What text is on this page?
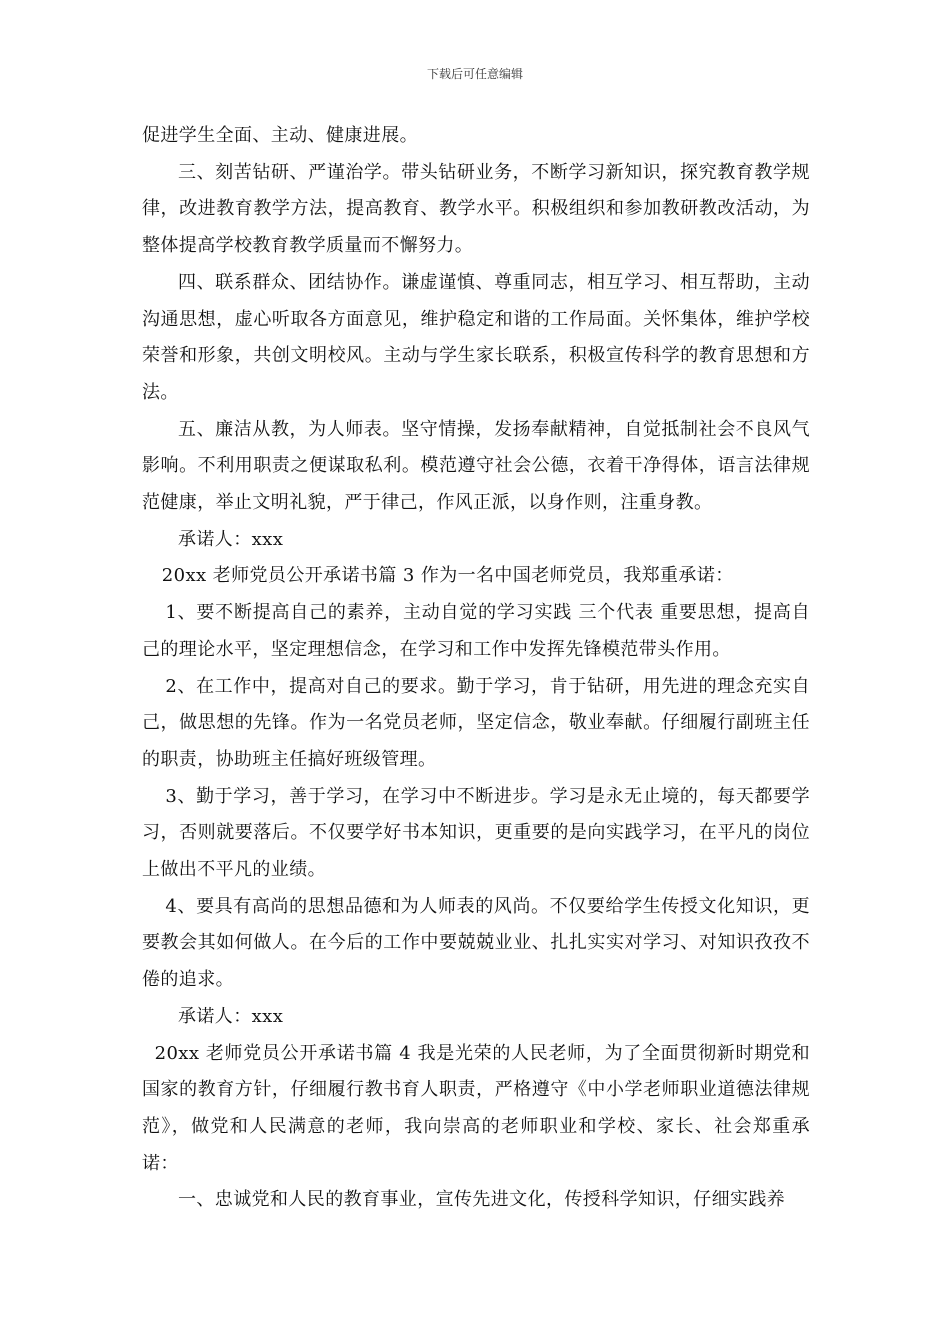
下载后可任意编辑

促进学生全面、主动、健康进展。

三、刻苦钻研、严谨治学。带头钻研业务，不断学习新知识，探究教育教学规律，改进教育教学方法，提高教育、教学水平。积极组织和参加教研教改活动，为整体提高学校教育教学质量而不懈努力。

四、联系群众、团结协作。谦虚谨慎、尊重同志，相互学习、相互帮助，主动沟通思想，虚心听取各方面意见，维护稳定和谐的工作局面。关怀集体，维护学校荣誉和形象，共创文明校风。主动与学生家长联系，积极宣传科学的教育思想和方法。

五、廉洁从教，为人师表。坚守情操，发扬奉献精神，自觉抵制社会不良风气影响。不利用职责之便谋取私利。模范遵守社会公德，衣着干净得体，语言法律规范健康，举止文明礼貌，严于律己，作风正派，以身作则，注重身教。

承诺人：xxx

20xx 老师党员公开承诺书篇 3 作为一名中国老师党员，我郑重承诺：

1、要不断提高自己的素养，主动自觉的学习实践 三个代表 重要思想，提高自己的理论水平，坚定理想信念，在学习和工作中发挥先锋模范带头作用。

2、在工作中，提高对自己的要求。勤于学习，肯于钻研，用先进的理念充实自己，做思想的先锋。作为一名党员老师，坚定信念，敬业奉献。仔细履行副班主任的职责，协助班主任搞好班级管理。

3、勤于学习，善于学习，在学习中不断进步。学习是永无止境的，每天都要学习，否则就要落后。不仅要学好书本知识，更重要的是向实践学习，在平凡的岗位上做出不平凡的业绩。

4、要具有高尚的思想品德和为人师表的风尚。不仅要给学生传授文化知识，更要教会其如何做人。在今后的工作中要兢兢业业、扎扎实实对学习、对知识孜孜不倦的追求。

承诺人：xxx

20xx 老师党员公开承诺书篇 4 我是光荣的人民老师，为了全面贯彻新时期党和国家的教育方针，仔细履行教书育人职责，严格遵守《中小学老师职业道德法律规范》，做党和人民满意的老师，我向崇高的老师职业和学校、家长、社会郑重承诺：

一、忠诚党和人民的教育事业，宣传先进文化，传授科学知识，仔细实践养
